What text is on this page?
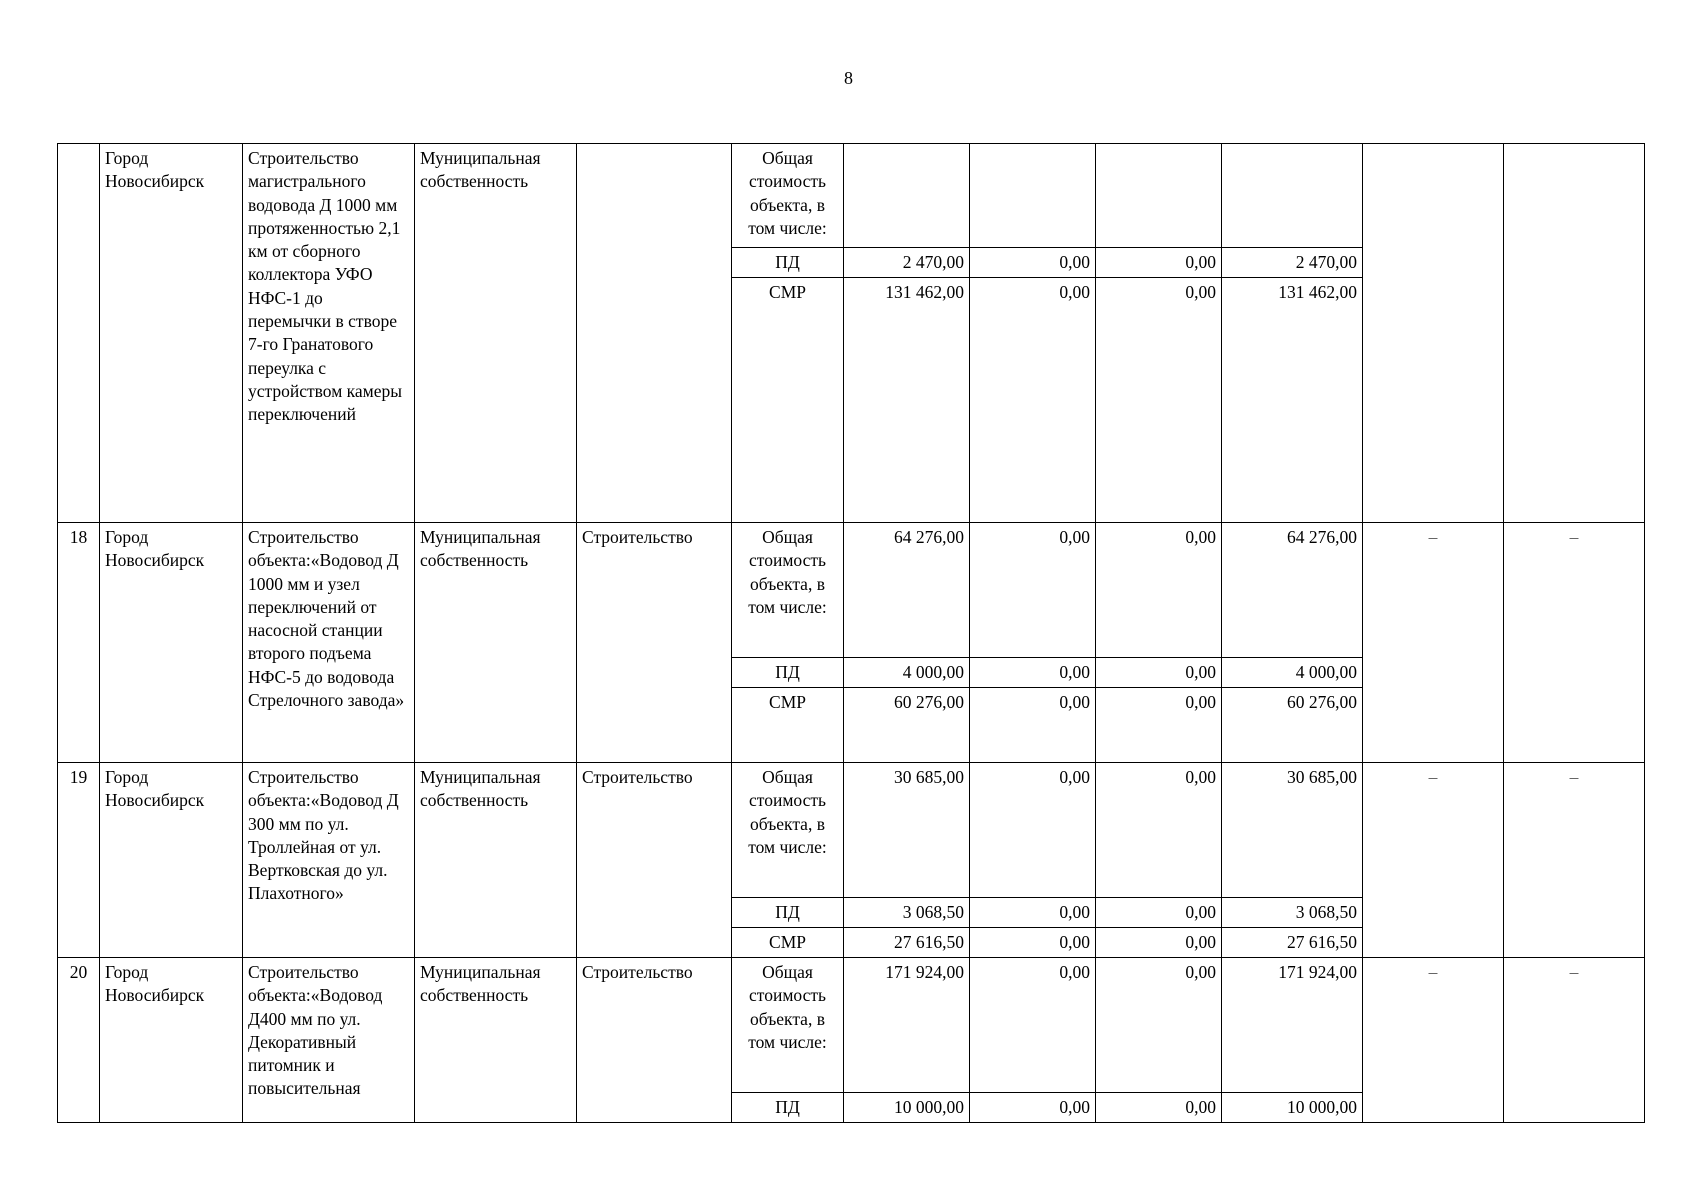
8
	Город Новосибирск	Строительство магистрального водовода Д 1000 мм протяженностью 2,1 км от сборного коллектора УФО НФС-1 до перемычки в створе 7-го Гранатового переулка с устройством камеры переключений	Муниципальная собственность		Общая стоимость объекта, в том числе:						
					ПД	2 470,00	0,00	0,00	2 470,00		
					СМР	131 462,00	0,00	0,00	131 462,00		
18	Город Новосибирск	Строительство объекта:«Водовод Д 1000 мм и узел переключений от насосной станции второго подъема НФС-5 до водовода Стрелочного завода»	Муниципальная собственность	Строительство	Общая стоимость объекта, в том числе:	64 276,00	0,00	0,00	64 276,00	–	–
					ПД	4 000,00	0,00	0,00	4 000,00		
					СМР	60 276,00	0,00	0,00	60 276,00		
19	Город Новосибирск	Строительство объекта:«Водовод Д 300 мм по ул. Троллейная от ул. Вертковская до ул. Плахотного»	Муниципальная собственность	Строительство	Общая стоимость объекта, в том числе:	30 685,00	0,00	0,00	30 685,00	–	–
					ПД	3 068,50	0,00	0,00	3 068,50		
					СМР	27 616,50	0,00	0,00	27 616,50		
20	Город Новосибирск	Строительство объекта:«Водовод Д400 мм по ул. Декоративный питомник и повысительная	Муниципальная собственность	Строительство	Общая стоимость объекта, в том числе:	171 924,00	0,00	0,00	171 924,00	–	–
					ПД	10 000,00	0,00	0,00	10 000,00		
